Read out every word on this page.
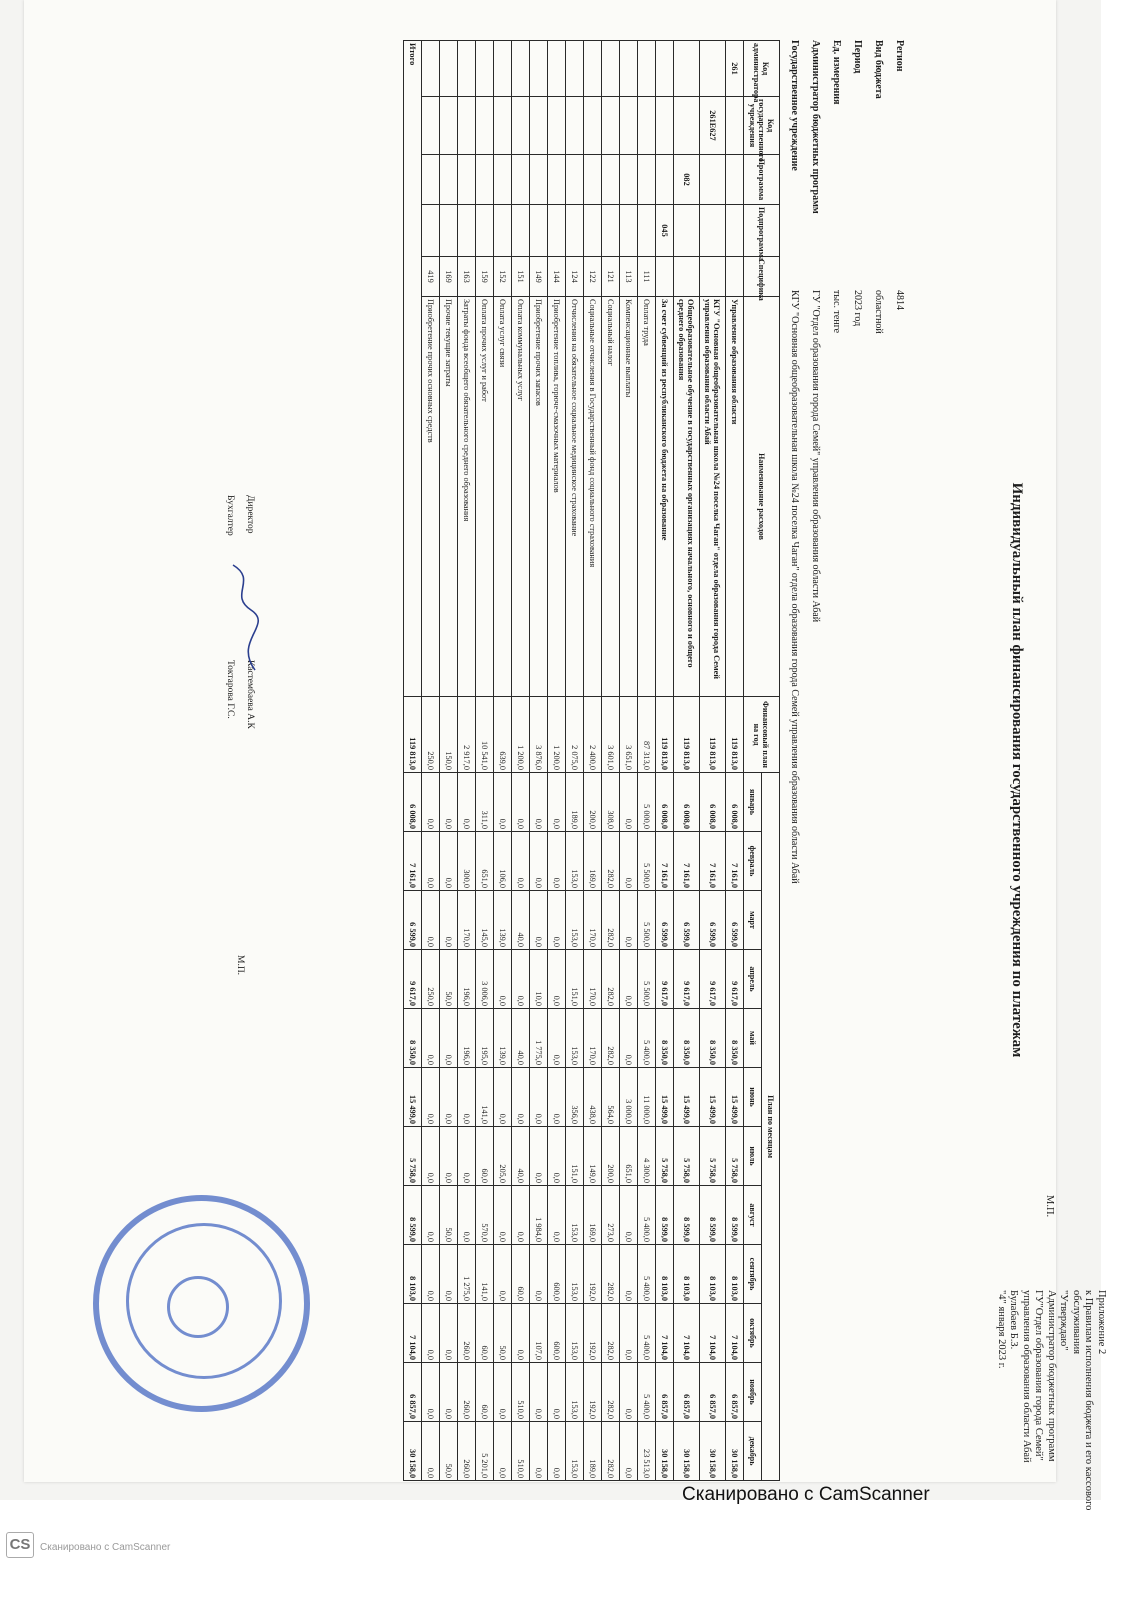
Индивидуальный план финансирования государственного учреждения по платежам
Приложение 2
к Правилам исполнения бюджета и его кассового
обслуживания
"Утверждаю"
Администратор бюджетных программ
ГУ"Отдел образования города Семей"
управления образования области Абай
Булабаев Б.З.
"4" января 2023 г.
М.П.
Регион
4814
Вид бюджета
областной
Период
2023 год
Ед. измерения
тыс. тенге
Администратор бюджетных программ
ГУ "Отдел образования города Семей" управления образования области Абай
Государственное учреждение
КГУ "Основная общеобразовательная школа №24 поселка Чаган" отдела образования города Семей управления образования области Абай
Код администратора	Код государственного учреждения	Программа	Подпрограмма	Специфика	Наименование расходов	Финансовый план на год	План по месяцам											
							январь	февраль	март	апрель	май	июнь	июль	август	сентябрь	октябрь	ноябрь	декабрь
261					Управление образования области	119 813,0	6 008,0	7 161,0	6 599,0	9 617,0	8 350,0	15 499,0	5 758,0	8 599,0	8 103,0	7 104,0	6 857,0	30 158,0
	261E627				КГУ "Основная общеобразовательная школа №24 поселка Чаган" отдела образования города Семей управления образования области Абай	119 813,0	6 008,0	7 161,0	6 599,0	9 617,0	8 350,0	15 499,0	5 758,0	8 599,0	8 103,0	7 104,0	6 857,0	30 158,0
		082			Общеобразовательное обучение в государственных организациях начального, основного и общего среднего образования	119 813,0	6 008,0	7 161,0	6 599,0	9 617,0	8 350,0	15 499,0	5 758,0	8 599,0	8 103,0	7 104,0	6 857,0	30 158,0
			045		За счет субвенций из республиканского бюджета на образование	119 813,0	6 008,0	7 161,0	6 599,0	9 617,0	8 350,0	15 499,0	5 758,0	8 599,0	8 103,0	7 104,0	6 857,0	30 158,0
				111	Оплата труда	87 313,0	5 000,0	5 500,0	5 500,0	5 500,0	5 400,0	11 000,0	4 300,0	5 400,0	5 400,0	5 400,0	5 400,0	23 513,0
				113	Компенсационные выплаты	3 651,0	0,0	0,0	0,0	0,0	0,0	3 000,0	651,0	0,0	0,0	0,0	0,0	0,0
				121	Социальный налог	3 601,0	308,0	282,0	282,0	282,0	282,0	564,0	200,0	273,0	282,0	282,0	282,0	282,0
				122	Социальные отчисления в Государственный фонд социального страхования	2 400,0	200,0	169,0	170,0	170,0	170,0	438,0	149,0	169,0	192,0	192,0	192,0	189,0
				124	Отчисления на обязательное социальное медицинское страхование	2 075,0	189,0	153,0	153,0	151,0	153,0	356,0	151,0	153,0	153,0	153,0	153,0	153,0
				144	Приобретение топлива, горюче-смазочных материалов	1 200,0	0,0	0,0	0,0	0,0	0,0	0,0	0,0	0,0	600,0	600,0	0,0	0,0
				149	Приобретение прочих запасов	3 876,0	0,0	0,0	0,0	10,0	1 775,0	0,0	0,0	1 984,0	0,0	107,0	0,0	0,0
				151	Оплата коммунальных услуг	1 200,0	0,0	0,0	40,0	0,0	40,0	0,0	40,0	0,0	60,0	0,0	510,0	510,0
				152	Оплата услуг связи	639,0	0,0	106,0	139,0	0,0	139,0	0,0	205,0	0,0	0,0	50,0	0,0	0,0
				159	Оплата прочих услуг и работ	10 541,0	311,0	651,0	145,0	3 006,0	195,0	141,0	60,0	570,0	141,0	60,0	60,0	5 201,0
				163	Затраты фонда всеобщего обязательного среднего образования	2 917,0	0,0	300,0	170,0	196,0	196,0	0,0	0,0	0,0	1 275,0	260,0	260,0	260,0
				169	Прочие текущие затраты	150,0	0,0	0,0	0,0	50,0	0,0	0,0	0,0	50,0	0,0	0,0	0,0	50,0
				419	Приобретение прочих основных средств	250,0	0,0	0,0	0,0	250,0	0,0	0,0	0,0	0,0	0,0	0,0	0,0	0,0
Итого						119 813,0	6 008,0	7 161,0	6 599,0	9 617,0	8 350,0	15 499,0	5 758,0	8 599,0	8 103,0	7 104,0	6 857,0	30 158,0
Директор
Кастембаева А.К
Бухгалтер
Токтарова Г.С.
М.П.
Сканировано с CamScanner
CS Сканировано с CamScanner
